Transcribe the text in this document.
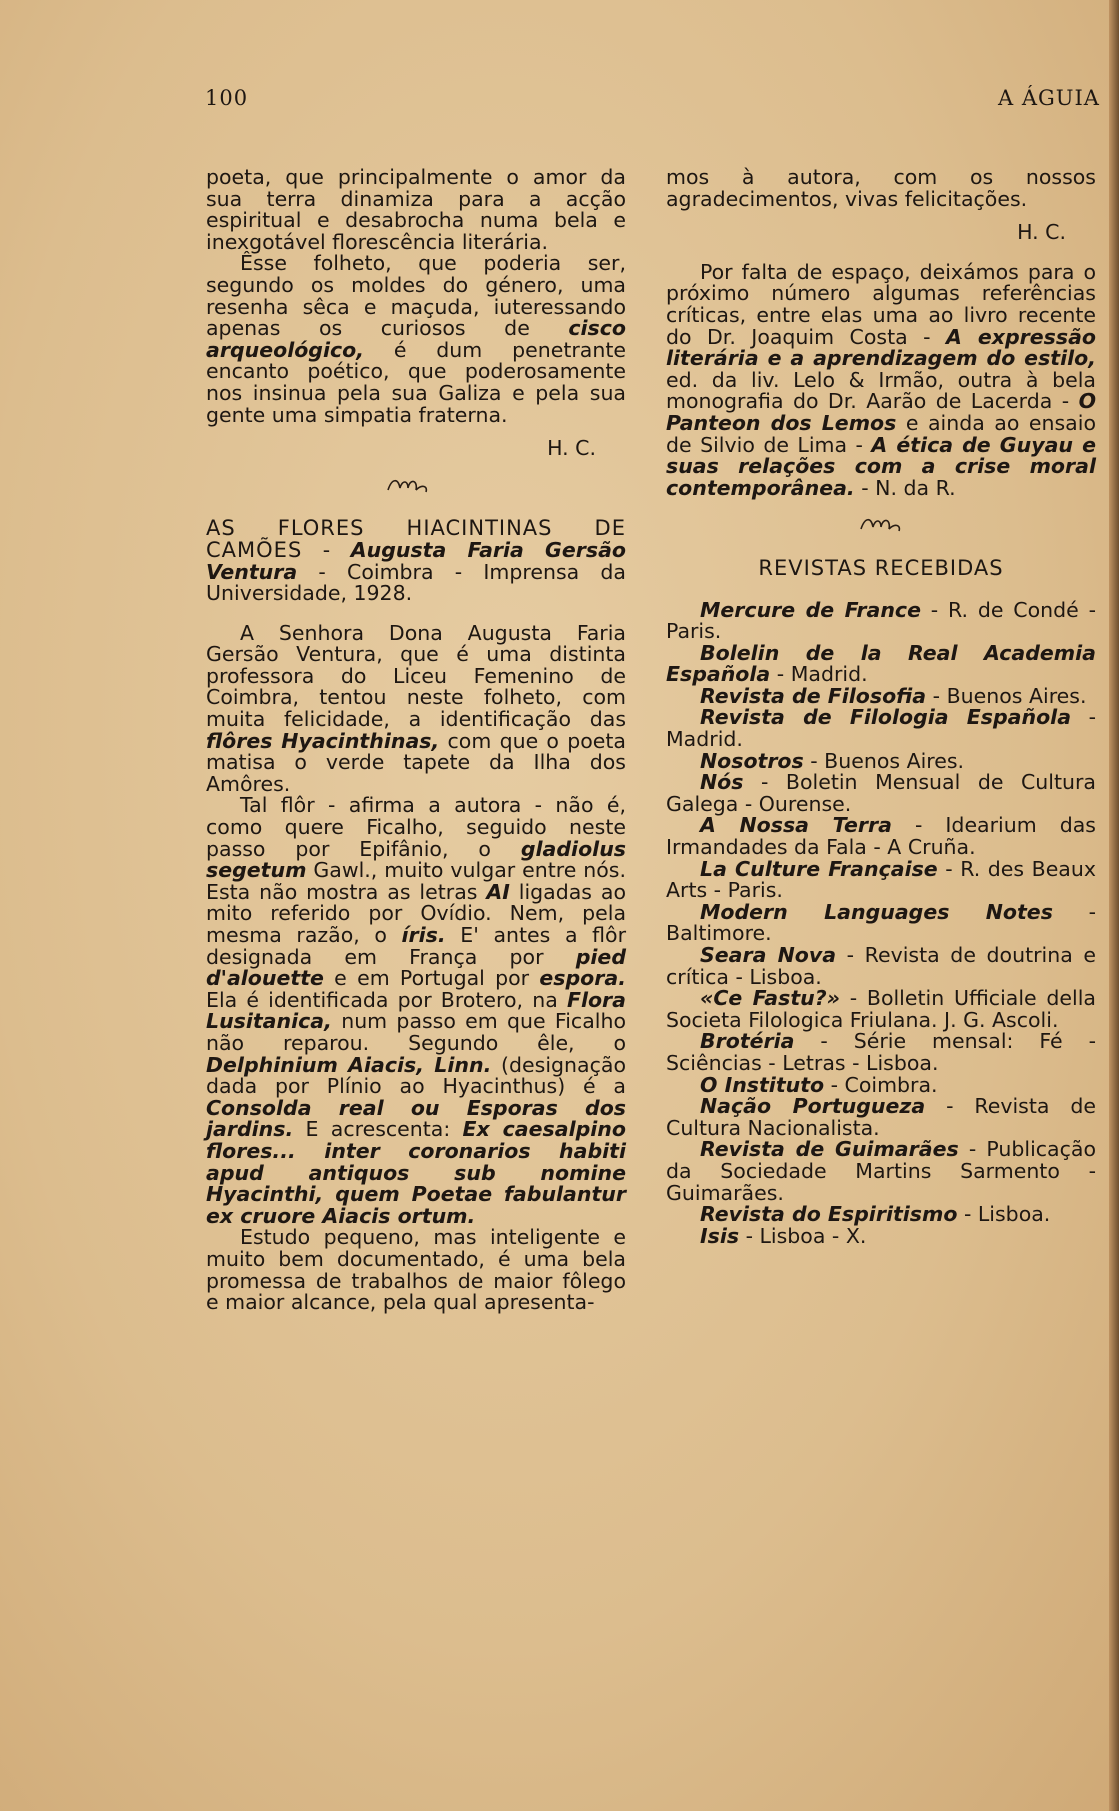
100	A ÁGUIA

poeta, que principalmente o amor da sua terra dinamiza para a acção espiritual e desabrocha numa bela e inexgotável florescência literária.

Êsse folheto, que poderia ser, segundo os moldes do género, uma resenha sêca e maçuda, iuteressando apenas os curiosos de cisco arqueológico, é dum penetrante encanto poético, que poderosamente nos insinua pela sua Galiza e pela sua gente uma simpatia fraterna.

H. C.

AS FLORES HIACINTINAS DE CAMÕES - Augusta Faria Gersão Ventura - Coimbra - Imprensa da Universidade, 1928.

A Senhora Dona Augusta Faria Gersão Ventura, que é uma distinta professora do Liceu Femenino de Coimbra, tentou neste folheto, com muita felicidade, a identificação das flôres Hyacinthinas, com que o poeta matisa o verde tapete da Ilha dos Amôres.

Tal flôr - afirma a autora - não é, como quere Ficalho, seguido neste passo por Epifânio, o gladiolus segetum Gawl., muito vulgar entre nós. Esta não mostra as letras AI ligadas ao mito referido por Ovídio. Nem, pela mesma razão, o íris. E' antes a flôr designada em França por pied d'alouette e em Portugal por espora. Ela é identificada por Brotero, na Flora Lusitanica, num passo em que Ficalho não reparou. Segundo êle, o Delphinium Aiacis, Linn. (designação dada por Plínio ao Hyacinthus) é a Consolda real ou Esporas dos jardins. E acrescenta: Ex caesalpino flores... inter coronarios habiti apud antiquos sub nomine Hyacinthi, quem Poetae fabulantur ex cruore Aiacis ortum.

Estudo pequeno, mas inteligente e muito bem documentado, é uma bela promessa de trabalhos de maior fôlego e maior alcance, pela qual apresenta-

mos à autora, com os nossos agradecimentos, vivas felicitações.

H. C.

Por falta de espaço, deixámos para o próximo número algumas referências críticas, entre elas uma ao livro recente do Dr. Joaquim Costa - A expressão literária e a aprendizagem do estilo, ed. da liv. Lelo & Irmão, outra à bela monografia do Dr. Aarão de Lacerda - O Panteon dos Lemos e ainda ao ensaio de Silvio de Lima - A ética de Guyau e suas relações com a crise moral contemporânea. - N. da R.

REVISTAS RECEBIDAS

Mercure de France - R. de Condé - Paris.

Bolelin de la Real Academia Española - Madrid.

Revista de Filosofia - Buenos Aires.

Revista de Filologia Española - Madrid.

Nosotros - Buenos Aires.

Nós - Boletin Mensual de Cultura Galega - Ourense.

A Nossa Terra - Idearium das Irmandades da Fala - A Cruña.

La Culture Française - R. des Beaux Arts - Paris.

Modern Languages Notes - Baltimore.

Seara Nova - Revista de doutrina e crítica - Lisboa.

«Ce Fastu?» - Bolletin Ufficiale della Societa Filologica Friulana. J. G. Ascoli.

Brotéria - Série mensal: Fé - Sciências - Letras - Lisboa.

O Instituto - Coimbra.

Nação Portugueza - Revista de Cultura Nacionalista.

Revista de Guimarães - Publicação da Sociedade Martins Sarmento - Guimarães.

Revista do Espiritismo - Lisboa.

Isis - Lisboa - X.
